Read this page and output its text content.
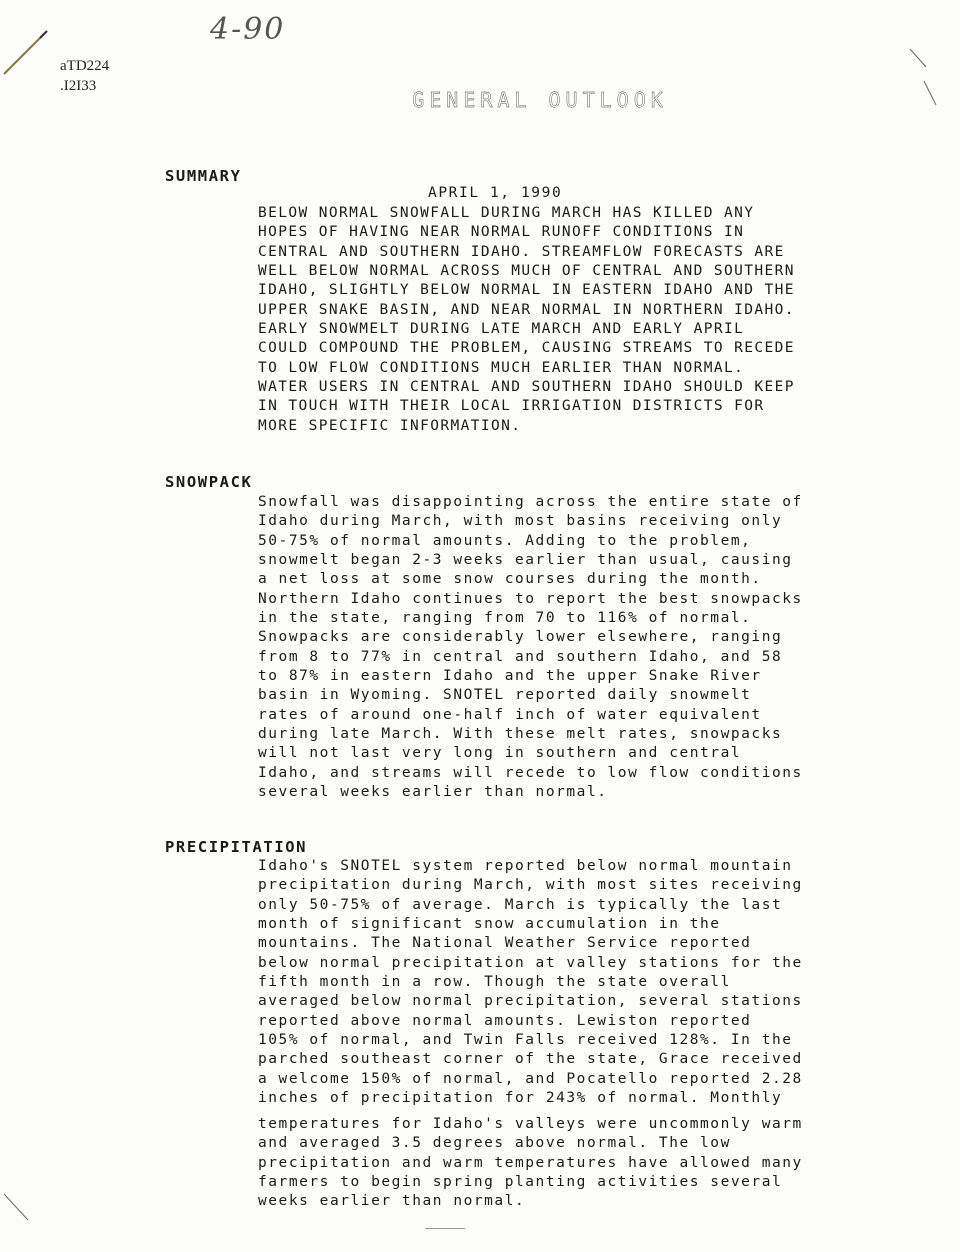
4-90
aTD224
.I2I33
GENERAL OUTLOOK
SUMMARY
APRIL 1, 1990
BELOW NORMAL SNOWFALL DURING MARCH HAS KILLED ANY
HOPES OF HAVING NEAR NORMAL RUNOFF CONDITIONS IN
CENTRAL AND SOUTHERN IDAHO. STREAMFLOW FORECASTS ARE
WELL BELOW NORMAL ACROSS MUCH OF CENTRAL AND SOUTHERN
IDAHO, SLIGHTLY BELOW NORMAL IN EASTERN IDAHO AND THE
UPPER SNAKE BASIN, AND NEAR NORMAL IN NORTHERN IDAHO.
EARLY SNOWMELT DURING LATE MARCH AND EARLY APRIL
COULD COMPOUND THE PROBLEM, CAUSING STREAMS TO RECEDE
TO LOW FLOW CONDITIONS MUCH EARLIER THAN NORMAL.
WATER USERS IN CENTRAL AND SOUTHERN IDAHO SHOULD KEEP
IN TOUCH WITH THEIR LOCAL IRRIGATION DISTRICTS FOR
MORE SPECIFIC INFORMATION.
SNOWPACK
Snowfall was disappointing across the entire state of
Idaho during March, with most basins receiving only
50-75% of normal amounts. Adding to the problem,
snowmelt began 2-3 weeks earlier than usual, causing
a net loss at some snow courses during the month.
Northern Idaho continues to report the best snowpacks
in the state, ranging from 70 to 116% of normal.
Snowpacks are considerably lower elsewhere, ranging
from 8 to 77% in central and southern Idaho, and 58
to 87% in eastern Idaho and the upper Snake River
basin in Wyoming. SNOTEL reported daily snowmelt
rates of around one-half inch of water equivalent
during late March. With these melt rates, snowpacks
will not last very long in southern and central
Idaho, and streams will recede to low flow conditions
several weeks earlier than normal.
PRECIPITATION
Idaho's SNOTEL system reported below normal mountain
precipitation during March, with most sites receiving
only 50-75% of average. March is typically the last
month of significant snow accumulation in the
mountains. The National Weather Service reported
below normal precipitation at valley stations for the
fifth month in a row. Though the state overall
averaged below normal precipitation, several stations
reported above normal amounts. Lewiston reported
105% of normal, and Twin Falls received 128%. In the
parched southeast corner of the state, Grace received
a welcome 150% of normal, and Pocatello reported 2.28
inches of precipitation for 243% of normal. Monthly
temperatures for Idaho's valleys were uncommonly warm
and averaged 3.5 degrees above normal. The low
precipitation and warm temperatures have allowed many
farmers to begin spring planting activities several
weeks earlier than normal.
